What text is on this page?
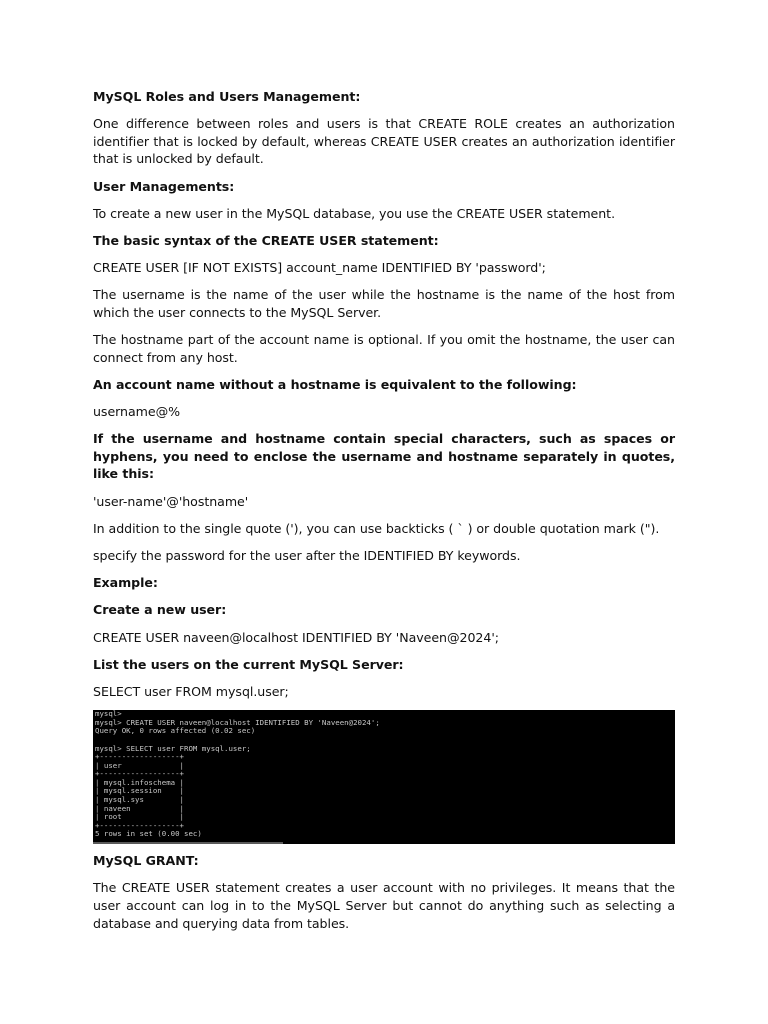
MySQL Roles and Users Management:

One difference between roles and users is that CREATE ROLE creates an authorization identifier that is locked by default, whereas CREATE USER creates an authorization identifier that is unlocked by default.

User Managements:

To create a new user in the MySQL database, you use the CREATE USER statement.

The basic syntax of the CREATE USER statement:

CREATE USER [IF NOT EXISTS] account_name IDENTIFIED BY 'password';

The username is the name of the user while the hostname is the name of the host from which the user connects to the MySQL Server.

The hostname part of the account name is optional. If you omit the hostname, the user can connect from any host.

An account name without a hostname is equivalent to the following:

username@%

If the username and hostname contain special characters, such as spaces or hyphens, you need to enclose the username and hostname separately in quotes, like this:

'user-name'@'hostname'

In addition to the single quote ('), you can use backticks ( ` ) or double quotation mark (").

specify the password for the user after the IDENTIFIED BY keywords.

Example:

Create a new user:

CREATE USER naveen@localhost IDENTIFIED BY 'Naveen@2024';

List the users on the current MySQL Server:

SELECT user FROM mysql.user;

mysql>
mysql> CREATE USER naveen@localhost IDENTIFIED BY 'Naveen@2024';
Query OK, 0 rows affected (0.02 sec)
mysql> SELECT user FROM mysql.user;
+------------------+
| user             |
+------------------+
| mysql.infoschema |
| mysql.session    |
| mysql.sys        |
| naveen           |
| root             |
+------------------+
5 rows in set (0.00 sec)

MySQL GRANT:

The CREATE USER statement creates a user account with no privileges. It means that the user account can log in to the MySQL Server but cannot do anything such as selecting a database and querying data from tables.
